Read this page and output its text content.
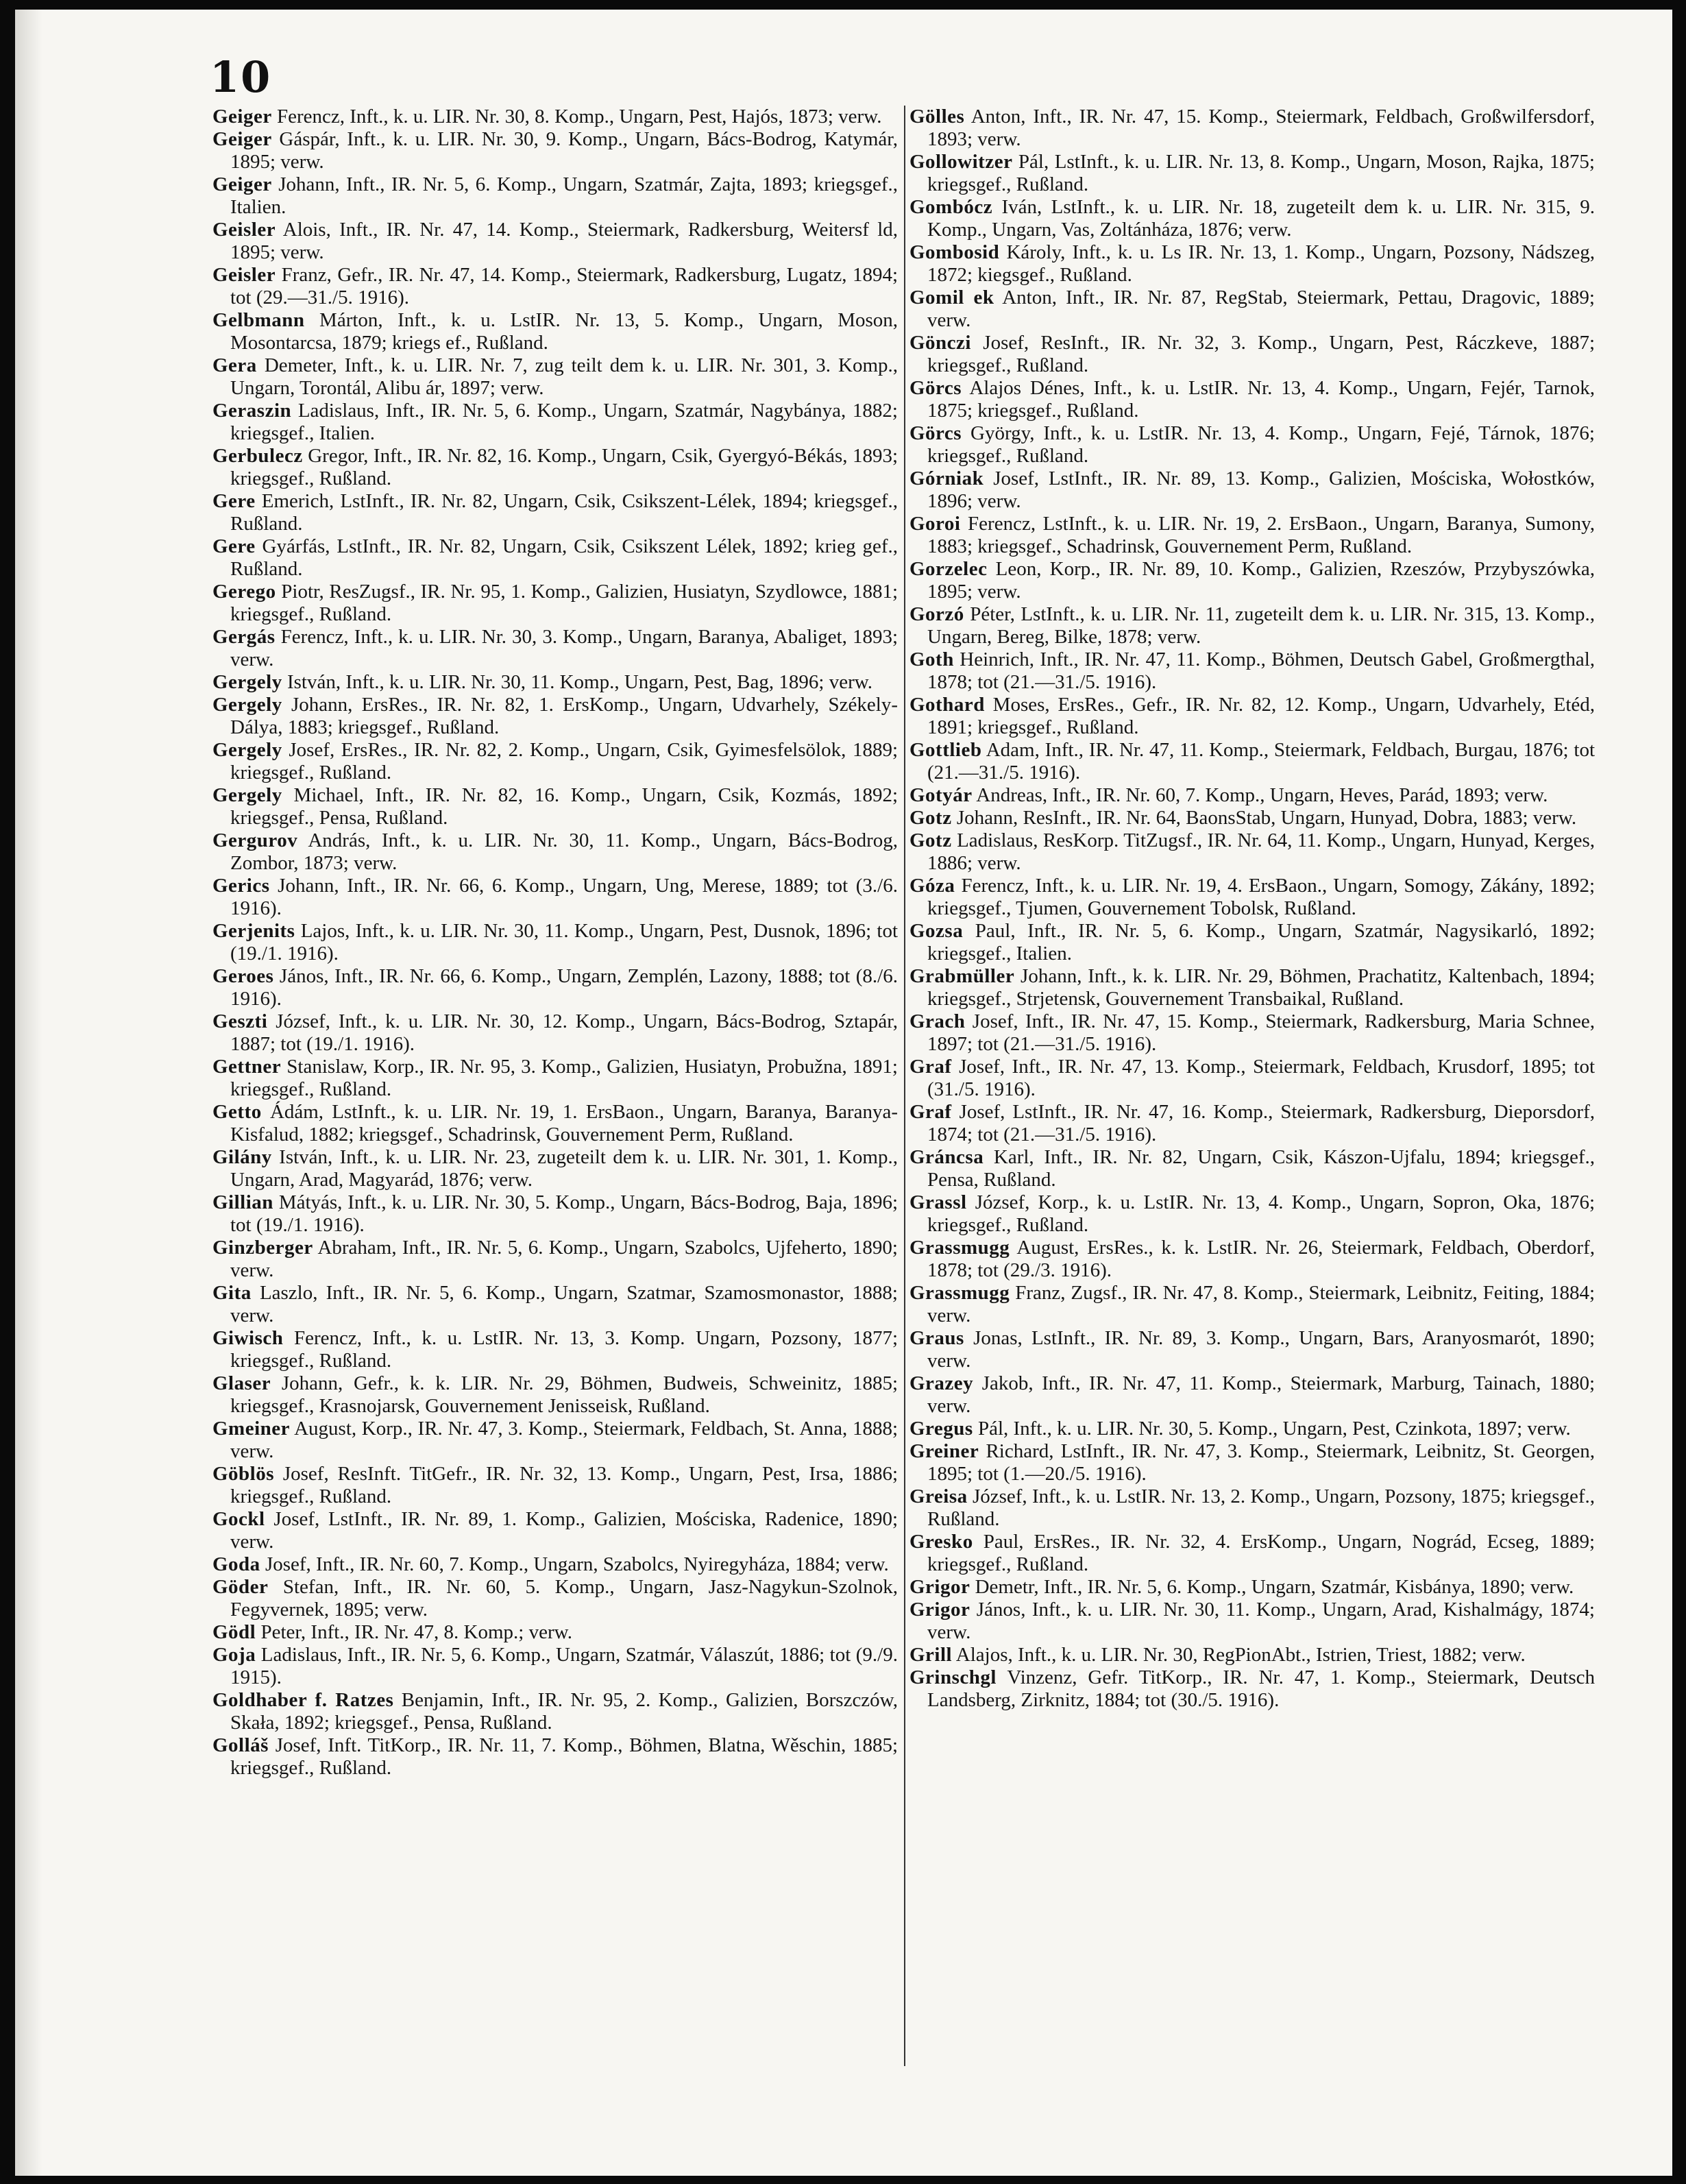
10
Geiger Ferencz, Inft., k. u. LIR. Nr. 30, 8. Komp., Ungarn, Pest, Hajós, 1873; verw.
Geiger Gáspár, Inft., k. u. LIR. Nr. 30, 9. Komp., Ungarn, Bács-Bodrog, Katymár, 1895; verw.
Geiger Johann, Inft., IR. Nr. 5, 6. Komp., Ungarn, Szatmár, Zajta, 1893; kriegsgef., Italien.
Geisler Alois, Inft., IR. Nr. 47, 14. Komp., Steiermark, Radkersburg, Weitersf ld, 1895; verw.
Geisler Franz, Gefr., IR. Nr. 47, 14. Komp., Steiermark, Radkersburg, Lugatz, 1894; tot (29.—31./5. 1916).
Gelbmann Márton, Inft., k. u. LstIR. Nr. 13, 5. Komp., Ungarn, Moson, Mosontarcsa, 1879; kriegs ef., Rußland.
Gera Demeter, Inft., k. u. LIR. Nr. 7, zug teilt dem k. u. LIR. Nr. 301, 3. Komp., Ungarn, Torontál, Alibu ár, 1897; verw.
Geraszin Ladislaus, Inft., IR. Nr. 5, 6. Komp., Ungarn, Szatmár, Nagybánya, 1882; kriegsgef., Italien.
Gerbulecz Gregor, Inft., IR. Nr. 82, 16. Komp., Ungarn, Csik, Gyergyó-Békás, 1893; kriegsgef., Rußland.
Gere Emerich, LstInft., IR. Nr. 82, Ungarn, Csik, Csikszent-Lélek, 1894; kriegsgef., Rußland.
Gere Gyárfás, LstInft., IR. Nr. 82, Ungarn, Csik, Csikszent Lélek, 1892; krieg gef., Rußland.
Gerego Piotr, ResZugsf., IR. Nr. 95, 1. Komp., Galizien, Husiatyn, Szydlowce, 1881; kriegsgef., Rußland.
Gergás Ferencz, Inft., k. u. LIR. Nr. 30, 3. Komp., Ungarn, Baranya, Abaliget, 1893; verw.
Gergely István, Inft., k. u. LIR. Nr. 30, 11. Komp., Ungarn, Pest, Bag, 1896; verw.
Gergely Johann, ErsRes., IR. Nr. 82, 1. ErsKomp., Ungarn, Udvarhely, Székely-Dálya, 1883; kriegsgef., Rußland.
Gergely Josef, ErsRes., IR. Nr. 82, 2. Komp., Ungarn, Csik, Gyimesfelsölok, 1889; kriegsgef., Rußland.
Gergely Michael, Inft., IR. Nr. 82, 16. Komp., Ungarn, Csik, Kozmás, 1892; kriegsgef., Pensa, Rußland.
Gergurov András, Inft., k. u. LIR. Nr. 30, 11. Komp., Ungarn, Bács-Bodrog, Zombor, 1873; verw.
Gerics Johann, Inft., IR. Nr. 66, 6. Komp., Ungarn, Ung, Merese, 1889; tot (3./6. 1916).
Gerjenits Lajos, Inft., k. u. LIR. Nr. 30, 11. Komp., Ungarn, Pest, Dusnok, 1896; tot (19./1. 1916).
Geroes János, Inft., IR. Nr. 66, 6. Komp., Ungarn, Zemplén, Lazony, 1888; tot (8./6. 1916).
Geszti József, Inft., k. u. LIR. Nr. 30, 12. Komp., Ungarn, Bács-Bodrog, Sztapár, 1887; tot (19./1. 1916).
Gettner Stanislaw, Korp., IR. Nr. 95, 3. Komp., Galizien, Husiatyn, Probužna, 1891; kriegsgef., Rußland.
Getto Ádám, LstInft., k. u. LIR. Nr. 19, 1. ErsBaon., Ungarn, Baranya, Baranya-Kisfalud, 1882; kriegsgef., Schadrinsk, Gouvernement Perm, Rußland.
Gilány István, Inft., k. u. LIR. Nr. 23, zugeteilt dem k. u. LIR. Nr. 301, 1. Komp., Ungarn, Arad, Magyarád, 1876; verw.
Gillian Mátyás, Inft., k. u. LIR. Nr. 30, 5. Komp., Ungarn, Bács-Bodrog, Baja, 1896; tot (19./1. 1916).
Ginzberger Abraham, Inft., IR. Nr. 5, 6. Komp., Ungarn, Szabolcs, Ujfeherto, 1890; verw.
Gita Laszlo, Inft., IR. Nr. 5, 6. Komp., Ungarn, Szatmar, Szamosmonastor, 1888; verw.
Giwisch Ferencz, Inft., k. u. LstIR. Nr. 13, 3. Komp. Ungarn, Pozsony, 1877; kriegsgef., Rußland.
Glaser Johann, Gefr., k. k. LIR. Nr. 29, Böhmen, Budweis, Schweinitz, 1885; kriegsgef., Krasnojarsk, Gouvernement Jenisseisk, Rußland.
Gmeiner August, Korp., IR. Nr. 47, 3. Komp., Steiermark, Feldbach, St. Anna, 1888; verw.
Göblös Josef, ResInft. TitGefr., IR. Nr. 32, 13. Komp., Ungarn, Pest, Irsa, 1886; kriegsgef., Rußland.
Gockl Josef, LstInft., IR. Nr. 89, 1. Komp., Galizien, Mościska, Radenice, 1890; verw.
Goda Josef, Inft., IR. Nr. 60, 7. Komp., Ungarn, Szabolcs, Nyiregyháza, 1884; verw.
Göder Stefan, Inft., IR. Nr. 60, 5. Komp., Ungarn, Jasz-Nagykun-Szolnok, Fegyvernek, 1895; verw.
Gödl Peter, Inft., IR. Nr. 47, 8. Komp.; verw.
Goja Ladislaus, Inft., IR. Nr. 5, 6. Komp., Ungarn, Szatmár, Válaszút, 1886; tot (9./9. 1915).
Goldhaber f. Ratzes Benjamin, Inft., IR. Nr. 95, 2. Komp., Galizien, Borszczów, Skała, 1892; kriegsgef., Pensa, Rußland.
Golláš Josef, Inft. TitKorp., IR. Nr. 11, 7. Komp., Böhmen, Blatna, Wěschin, 1885; kriegsgef., Rußland.
Gölles Anton, Inft., IR. Nr. 47, 15. Komp., Steiermark, Feldbach, Großwilfersdorf, 1893; verw.
Gollowitzer Pál, LstInft., k. u. LIR. Nr. 13, 8. Komp., Ungarn, Moson, Rajka, 1875; kriegsgef., Rußland.
Gombócz Iván, LstInft., k. u. LIR. Nr. 18, zugeteilt dem k. u. LIR. Nr. 315, 9. Komp., Ungarn, Vas, Zoltánháza, 1876; verw.
Gombosid Károly, Inft., k. u. Ls IR. Nr. 13, 1. Komp., Ungarn, Pozsony, Nádszeg, 1872; kiegsgef., Rußland.
Gomil ek Anton, Inft., IR. Nr. 87, RegStab, Steiermark, Pettau, Dragovic, 1889; verw.
Gönczi Josef, ResInft., IR. Nr. 32, 3. Komp., Ungarn, Pest, Ráczkeve, 1887; kriegsgef., Rußland.
Görcs Alajos Dénes, Inft., k. u. LstIR. Nr. 13, 4. Komp., Ungarn, Fejér, Tarnok, 1875; kriegsgef., Rußland.
Görcs György, Inft., k. u. LstIR. Nr. 13, 4. Komp., Ungarn, Fejé, Tárnok, 1876; kriegsgef., Rußland.
Górniak Josef, LstInft., IR. Nr. 89, 13. Komp., Galizien, Mościska, Wołostków, 1896; verw.
Goroi Ferencz, LstInft., k. u. LIR. Nr. 19, 2. ErsBaon., Ungarn, Baranya, Sumony, 1883; kriegsgef., Schadrinsk, Gouvernement Perm, Rußland.
Gorzelec Leon, Korp., IR. Nr. 89, 10. Komp., Galizien, Rzeszów, Przybyszówka, 1895; verw.
Gorzó Péter, LstInft., k. u. LIR. Nr. 11, zugeteilt dem k. u. LIR. Nr. 315, 13. Komp., Ungarn, Bereg, Bilke, 1878; verw.
Goth Heinrich, Inft., IR. Nr. 47, 11. Komp., Böhmen, Deutsch Gabel, Großmergthal, 1878; tot (21.—31./5. 1916).
Gothard Moses, ErsRes., Gefr., IR. Nr. 82, 12. Komp., Ungarn, Udvarhely, Etéd, 1891; kriegsgef., Rußland.
Gottlieb Adam, Inft., IR. Nr. 47, 11. Komp., Steiermark, Feldbach, Burgau, 1876; tot (21.—31./5. 1916).
Gotyár Andreas, Inft., IR. Nr. 60, 7. Komp., Ungarn, Heves, Parád, 1893; verw.
Gotz Johann, ResInft., IR. Nr. 64, BaonsStab, Ungarn, Hunyad, Dobra, 1883; verw.
Gotz Ladislaus, ResKorp. TitZugsf., IR. Nr. 64, 11. Komp., Ungarn, Hunyad, Kerges, 1886; verw.
Góza Ferencz, Inft., k. u. LIR. Nr. 19, 4. ErsBaon., Ungarn, Somogy, Zákány, 1892; kriegsgef., Tjumen, Gouvernement Tobolsk, Rußland.
Gozsa Paul, Inft., IR. Nr. 5, 6. Komp., Ungarn, Szatmár, Nagysikarló, 1892; kriegsgef., Italien.
Grabmüller Johann, Inft., k. k. LIR. Nr. 29, Böhmen, Prachatitz, Kaltenbach, 1894; kriegsgef., Strjetensk, Gouvernement Transbaikal, Rußland.
Grach Josef, Inft., IR. Nr. 47, 15. Komp., Steiermark, Radkersburg, Maria Schnee, 1897; tot (21.—31./5. 1916).
Graf Josef, Inft., IR. Nr. 47, 13. Komp., Steiermark, Feldbach, Krusdorf, 1895; tot (31./5. 1916).
Graf Josef, LstInft., IR. Nr. 47, 16. Komp., Steiermark, Radkersburg, Dieporsdorf, 1874; tot (21.—31./5. 1916).
Gráncsa Karl, Inft., IR. Nr. 82, Ungarn, Csik, Kászon-Ujfalu, 1894; kriegsgef., Pensa, Rußland.
Grassl József, Korp., k. u. LstIR. Nr. 13, 4. Komp., Ungarn, Sopron, Oka, 1876; kriegsgef., Rußland.
Grassmugg August, ErsRes., k. k. LstIR. Nr. 26, Steiermark, Feldbach, Oberdorf, 1878; tot (29./3. 1916).
Grassmugg Franz, Zugsf., IR. Nr. 47, 8. Komp., Steiermark, Leibnitz, Feiting, 1884; verw.
Graus Jonas, LstInft., IR. Nr. 89, 3. Komp., Ungarn, Bars, Aranyosmarót, 1890; verw.
Grazey Jakob, Inft., IR. Nr. 47, 11. Komp., Steiermark, Marburg, Tainach, 1880; verw.
Gregus Pál, Inft., k. u. LIR. Nr. 30, 5. Komp., Ungarn, Pest, Czinkota, 1897; verw.
Greiner Richard, LstInft., IR. Nr. 47, 3. Komp., Steiermark, Leibnitz, St. Georgen, 1895; tot (1.—20./5. 1916).
Greisa József, Inft., k. u. LstIR. Nr. 13, 2. Komp., Ungarn, Pozsony, 1875; kriegsgef., Rußland.
Gresko Paul, ErsRes., IR. Nr. 32, 4. ErsKomp., Ungarn, Nográd, Ecseg, 1889; kriegsgef., Rußland.
Grigor Demetr, Inft., IR. Nr. 5, 6. Komp., Ungarn, Szatmár, Kisbánya, 1890; verw.
Grigor János, Inft., k. u. LIR. Nr. 30, 11. Komp., Ungarn, Arad, Kishalmágy, 1874; verw.
Grill Alajos, Inft., k. u. LIR. Nr. 30, RegPionAbt., Istrien, Triest, 1882; verw.
Grinschgl Vinzenz, Gefr. TitKorp., IR. Nr. 47, 1. Komp., Steiermark, Deutsch Landsberg, Zirknitz, 1884; tot (30./5. 1916).
